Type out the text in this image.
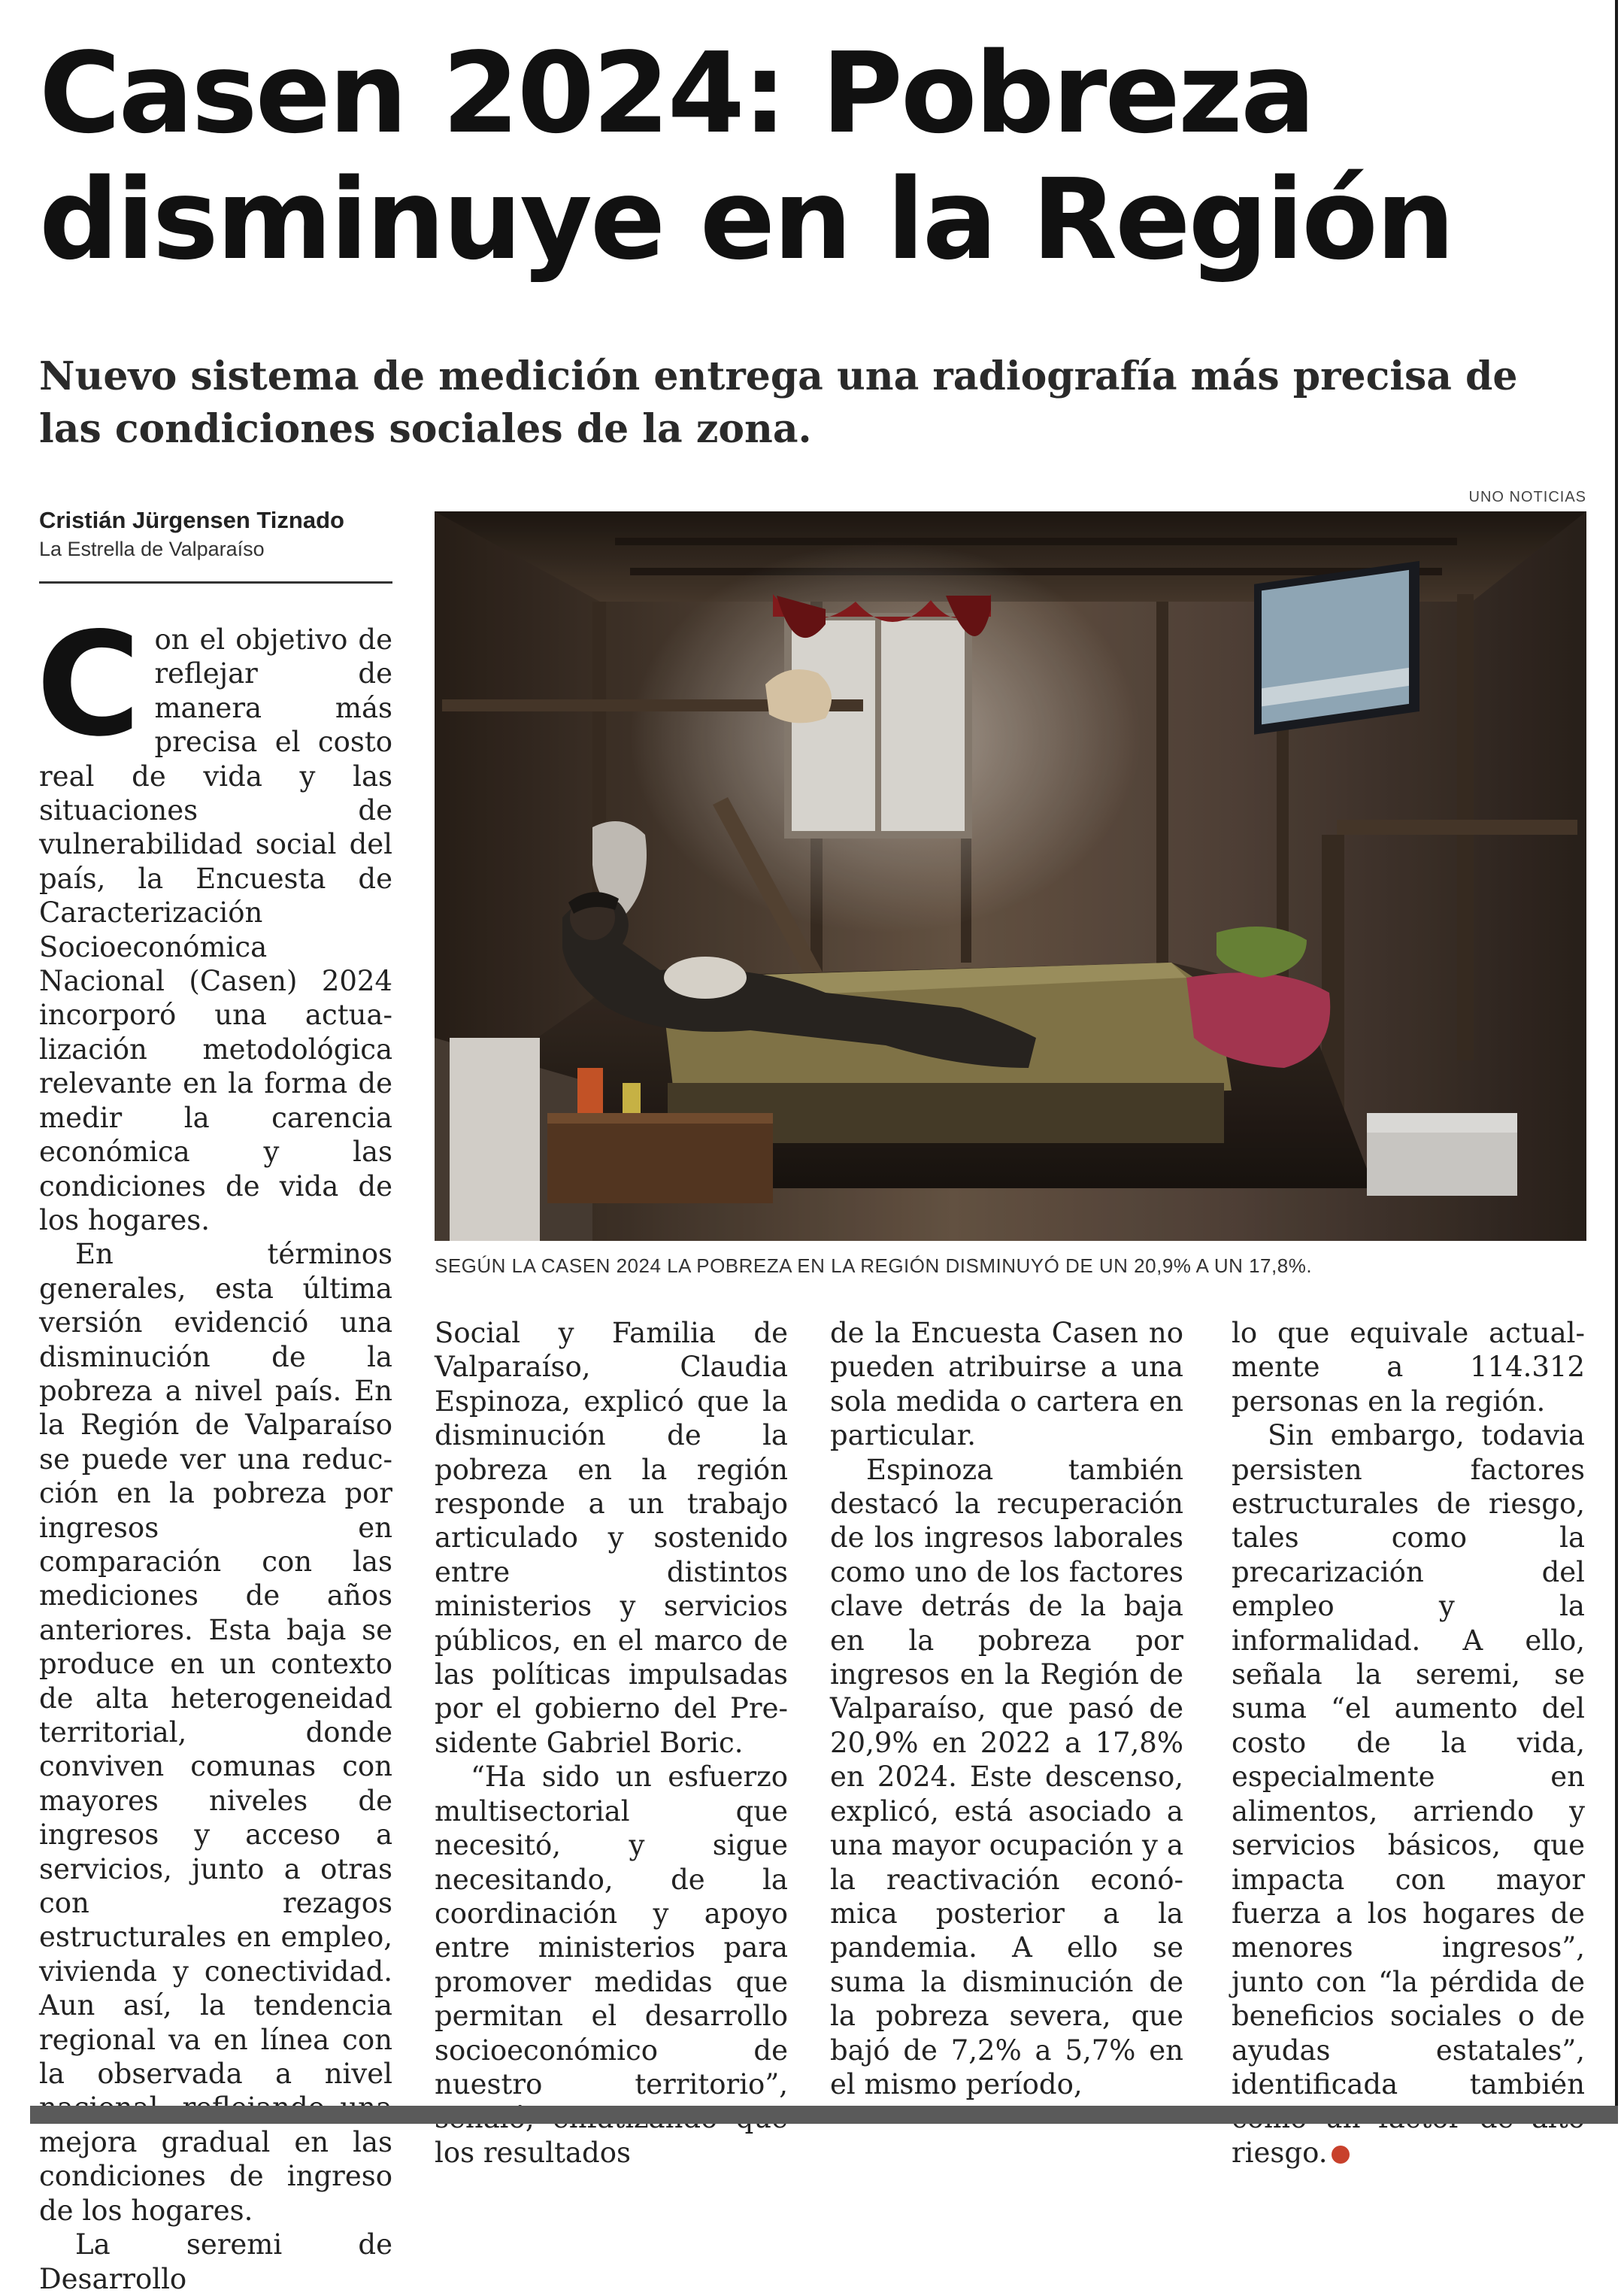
Casen 2024: Pobreza disminuye en la Región
Nuevo sistema de medición entrega una radiografía más precisa de las condiciones sociales de la zona.
UNO NOTICIAS
Cristián Jürgensen Tiznado
La Estrella de Valparaíso
SEGÚN LA CASEN 2024 LA POBREZA EN LA REGIÓN DISMINUYÓ DE UN 20,9% A UN 17,8%.

Con el objetivo de reflejar de manera más precisa el costo real de vida y las situaciones de vulnerabilidad social del país, la Encuesta de Caracterización Socioeconómica Nacional (Casen) 2024 incorporó una actualización metodológica relevante en la forma de medir la carencia económica y las condiciones de vida de los hogares.

En términos generales, esta última versión evidenció una disminución de la pobreza a nivel país. En la Región de Valparaíso se puede ver una reducción en la pobreza por ingresos en comparación con las mediciones de años anteriores. Esta baja se produce en un contexto de alta heterogeneidad territorial, donde conviven comunas con mayores niveles de ingresos y acceso a servicios, junto a otras con rezagos estructurales en empleo, vivienda y conectividad. Aun así, la tendencia regional va en línea con la observada a nivel mejora gradual en las condiciones de ingreso de los hogares.

La seremi de Desarrollo

Social y Familia de Valparaíso, Claudia Espinoza, explicó que la disminución de la pobreza en la región responde a un trabajo articulado y sostenido entre distintos ministerios y servicios públicos, en el marco de las políticas impulsadas por el gobierno del Presidente Gabriel Boric.

“Ha sido un esfuerzo multisectorial que necesitó, y sigue necesitando, de la coordinación y apoyo entre ministerios para promover medidas que permitan el desarrollo socioeconómico de nuestro territorio”, los resultados

de la Encuesta Casen no pueden atribuirse a una sola medida o cartera en particular.

Espinoza también destacó la recuperación de los ingresos laborales como uno de los factores clave detrás de la baja en la pobreza por ingresos en la Región de Valparaíso, que pasó de 20,9% en 2022 a 17,8% en 2024. Este descenso, explicó, está asociado a una mayor ocupación y a la reactivación económica posterior a la pandemia. A ello se suma la disminución de la pobreza severa, que bajó de 7,2% a 5,7% en el mismo período,

lo que equivale actualmente a 114.312 personas en la región.

Sin embargo, todavia persisten factores estructurales de riesgo, tales como la precarización del empleo y la informalidad. A ello, señala la seremi, se suma “el aumento del costo de la vida, especialmente en alimentos, arriendo y servicios básicos, que impacta con mayor fuerza a los hogares de menores ingresos”, junto con “la pérdida de beneficios sociales o de ayudas estatales”, identificada también riesgo.
